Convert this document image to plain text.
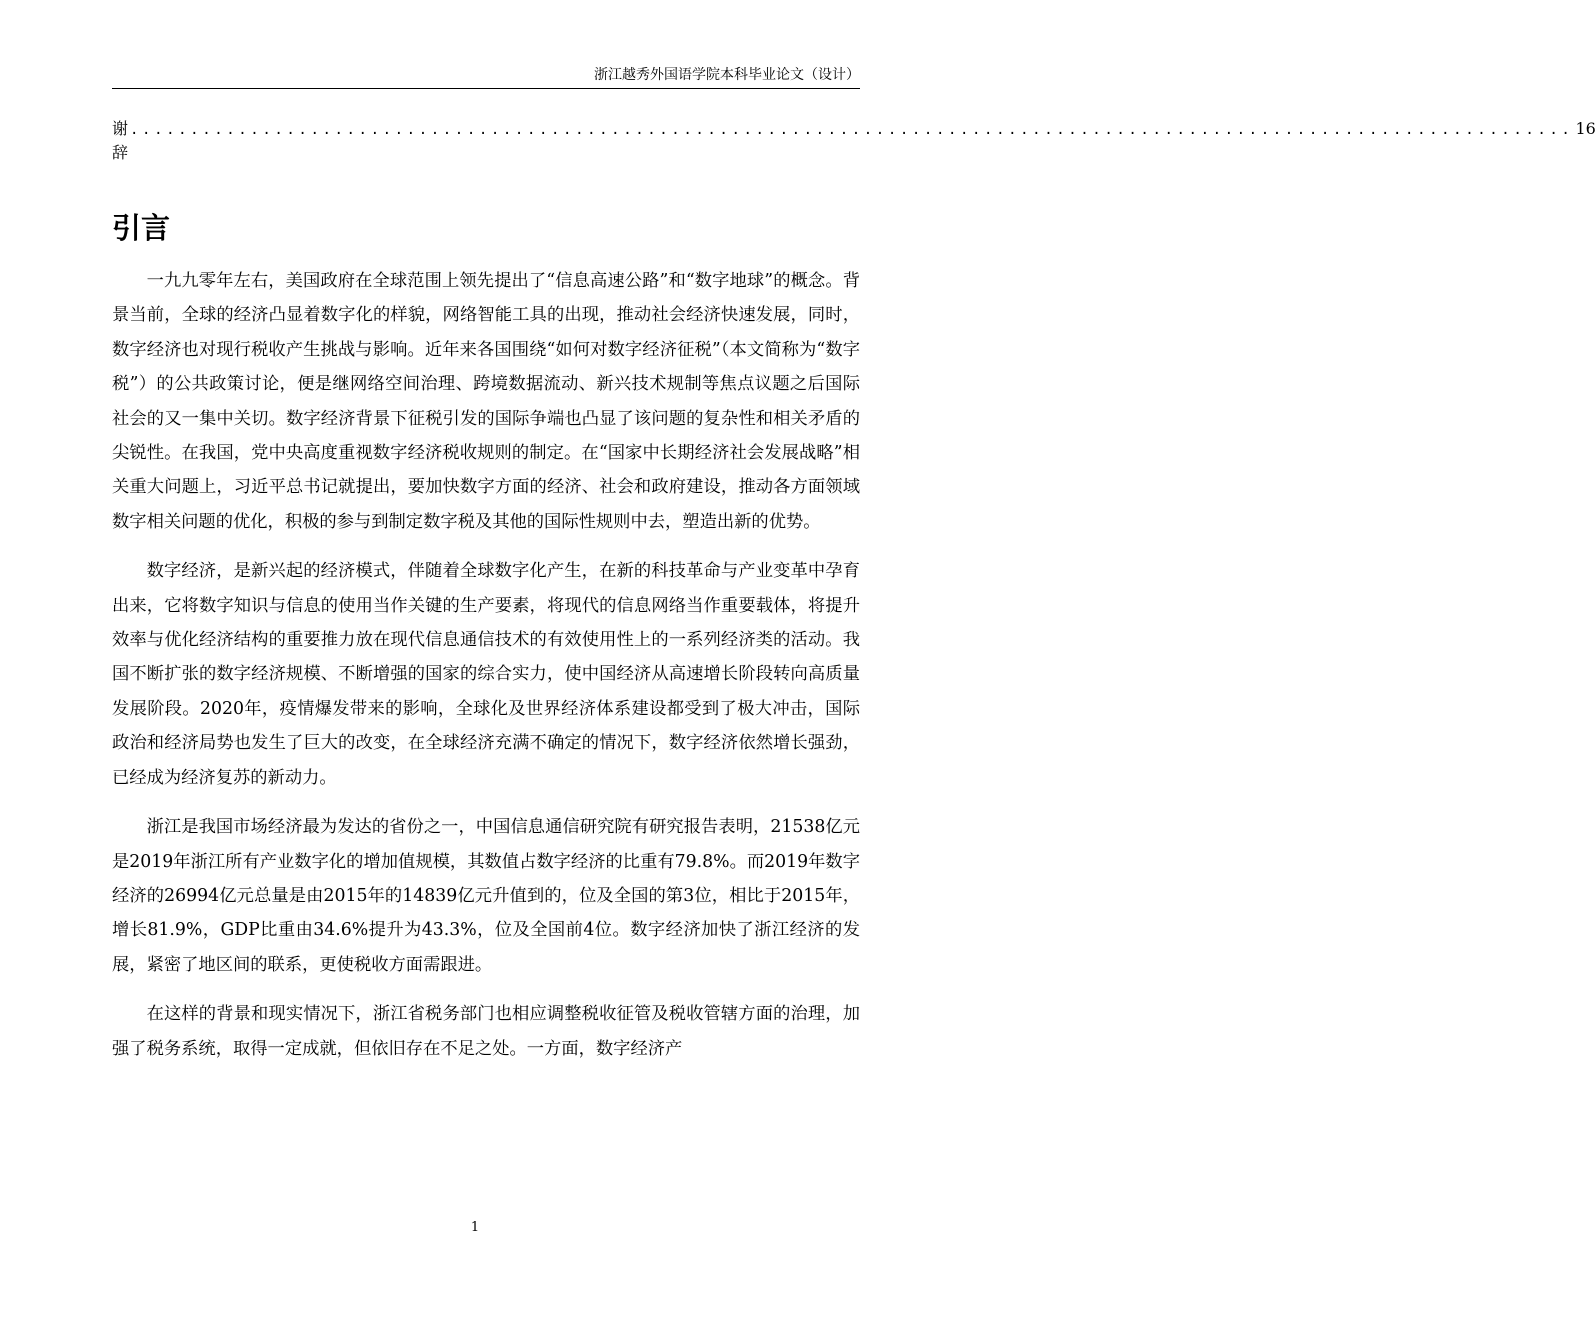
浙江越秀外国语学院本科毕业论文（设计）
谢辞
........................................................................................................................ 16
引言

一九九零年左右，美国政府在全球范围上领先提出了“信息高速公路”和“数字地球”的概念。背景当前，全球的经济凸显着数字化的样貌，网络智能工具的出现，推动社会经济快速发展，同时，数字经济也对现行税收产生挑战与影响。近年来各国围绕“如何对数字经济征税”（本文简称为“数字税”）的公共政策讨论，便是继网络空间治理、跨境数据流动、新兴技术规制等焦点议题之后国际社会的又一集中关切。数字经济背景下征税引发的国际争端也凸显了该问题的复杂性和相关矛盾的尖锐性。在我国，党中央高度重视数字经济税收规则的制定。在“国家中长期经济社会发展战略”相关重大问题上，习近平总书记就提出，要加快数字方面的经济、社会和政府建设，推动各方面领域数字相关问题的优化，积极的参与到制定数字税及其他的国际性规则中去，塑造出新的优势。

数字经济，是新兴起的经济模式，伴随着全球数字化产生，在新的科技革命与产业变革中孕育出来，它将数字知识与信息的使用当作关键的生产要素，将现代的信息网络当作重要载体，将提升效率与优化经济结构的重要推力放在现代信息通信技术的有效使用性上的一系列经济类的活动。我国不断扩张的数字经济规模、不断增强的国家的综合实力，使中国经济从高速增长阶段转向高质量发展阶段。2020年，疫情爆发带来的影响，全球化及世界经济体系建设都受到了极大冲击，国际政治和经济局势也发生了巨大的改变，在全球经济充满不确定的情况下，数字经济依然增长强劲，已经成为经济复苏的新动力。

浙江是我国市场经济最为发达的省份之一，中国信息通信研究院有研究报告表明，21538亿元是2019年浙江所有产业数字化的增加值规模，其数值占数字经济的比重有79.8%。而2019年数字经济的26994亿元总量是由2015年的14839亿元升值到的，位及全国的第3位，相比于2015年，增长81.9%，GDP比重由34.6%提升为43.3%，位及全国前4位。数字经济加快了浙江经济的发展，紧密了地区间的联系，更使税收方面需跟进。

在这样的背景和现实情况下，浙江省税务部门也相应调整税收征管及税收管辖方面的治理，加强了税务系统，取得一定成就，但依旧存在不足之处。一方面，数字经济产

1
